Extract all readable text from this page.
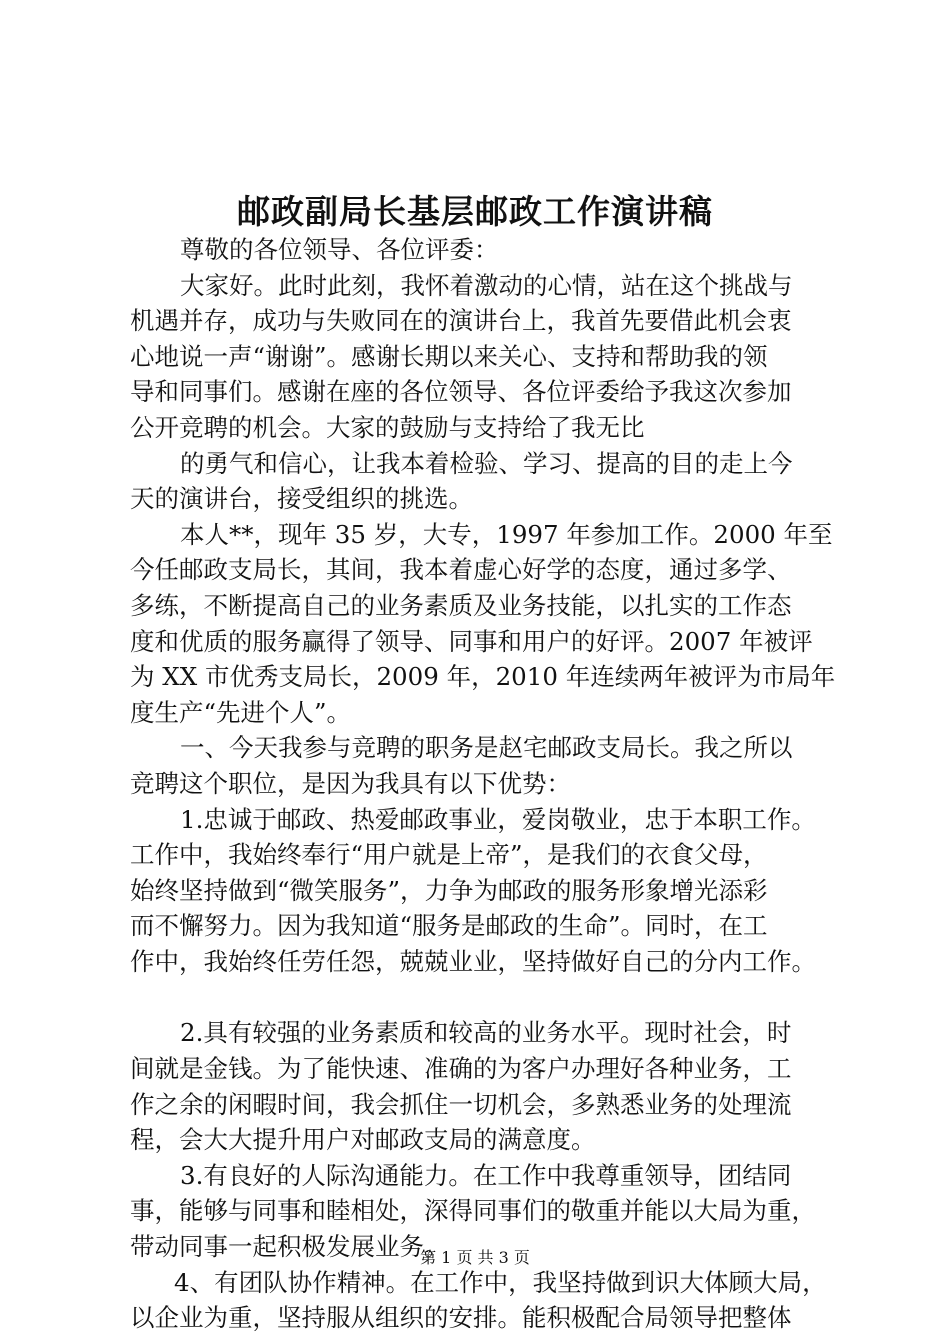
邮政副局长基层邮政工作演讲稿
尊敬的各位领导、各位评委：
大家好。此时此刻，我怀着激动的心情，站在这个挑战与
机遇并存，成功与失败同在的演讲台上，我首先要借此机会衷
心地说一声“谢谢”。感谢长期以来关心、支持和帮助我的领
导和同事们。感谢在座的各位领导、各位评委给予我这次参加
公开竞聘的机会。大家的鼓励与支持给了我无比
的勇气和信心，让我本着检验、学习、提高的目的走上今
天的演讲台，接受组织的挑选。
本人**，现年 35 岁，大专，1997 年参加工作。2000 年至
今任邮政支局长，其间，我本着虚心好学的态度，通过多学、
多练，不断提高自己的业务素质及业务技能，以扎实的工作态
度和优质的服务赢得了领导、同事和用户的好评。2007 年被评
为 XX 市优秀支局长，2009 年，2010 年连续两年被评为市局年
度生产“先进个人”。
一、今天我参与竞聘的职务是赵宅邮政支局长。我之所以
竞聘这个职位，是因为我具有以下优势：
1.忠诚于邮政、热爱邮政事业，爱岗敬业，忠于本职工作。
工作中，我始终奉行“用户就是上帝”，是我们的衣食父母，
始终坚持做到“微笑服务”，力争为邮政的服务形象增光添彩
而不懈努力。因为我知道“服务是邮政的生命”。同时，在工
作中，我始终任劳任怨，兢兢业业，坚持做好自己的分内工作。
2.具有较强的业务素质和较高的业务水平。现时社会，时
间就是金钱。为了能快速、准确的为客户办理好各种业务，工
作之余的闲暇时间，我会抓住一切机会，多熟悉业务的处理流
程，会大大提升用户对邮政支局的满意度。
3.有良好的人际沟通能力。在工作中我尊重领导，团结同
事，能够与同事和睦相处，深得同事们的敬重并能以大局为重，
带动同事一起积极发展业务。
4、有团队协作精神。在工作中，我坚持做到识大体顾大局，
以企业为重，坚持服从组织的安排。能积极配合局领导把整体
第 1 页 共 3 页
